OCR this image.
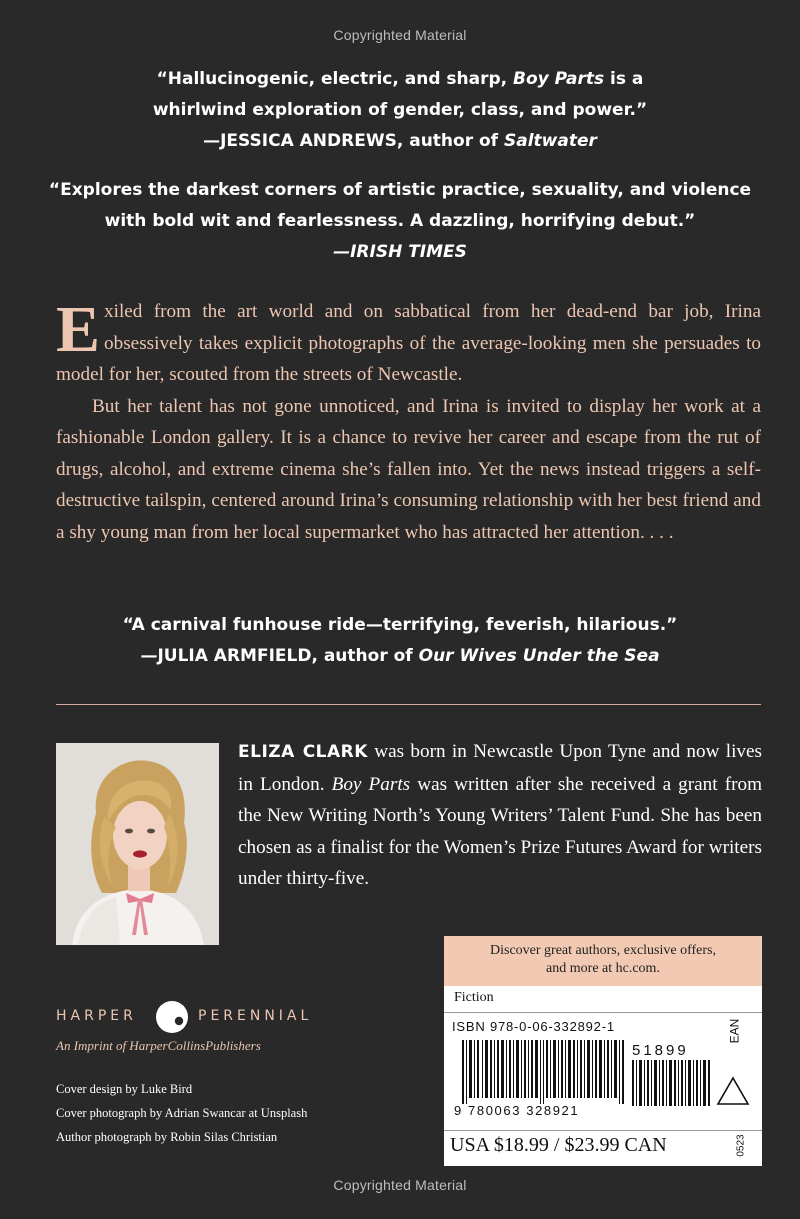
Copyrighted Material
“Hallucinogenic, electric, and sharp, Boy Parts is a
whirlwind exploration of gender, class, and power.”
—JESSICA ANDREWS, author of Saltwater
“Explores the darkest corners of artistic practice, sexuality, and violence
with bold wit and fearlessness. A dazzling, horrifying debut.”
—IRISH TIMES

Exiled from the art world and on sabbatical from her dead-end bar job, Irina obsessively takes explicit photographs of the average-looking men she persuades to model for her, scouted from the streets of Newcastle.

But her talent has not gone unnoticed, and Irina is invited to display her work at a fashionable London gallery. It is a chance to revive her career and escape from the rut of drugs, alcohol, and extreme cinema she’s fallen into. Yet the news instead triggers a self-destructive tailspin, centered around Irina’s consuming relationship with her best friend and a shy young man from her local supermarket who has attracted her attention. . . .

“A carnival funhouse ride—terrifying, feverish, hilarious.”
—JULIA ARMFIELD, author of Our Wives Under the Sea
ELIZA CLARK was born in Newcastle Upon Tyne and now lives in London. Boy Parts was written after she received a grant from the New Writing North’s Young Writers’ Talent Fund. She has been chosen as a finalist for the Women’s Prize Futures Award for writers under thirty-five.
HARPER	PERENNIAL
An Imprint of HarperCollinsPublishers
Cover design by Luke Bird
Cover photograph by Adrian Swancar at Unsplash
Author photograph by Robin Silas Christian
Discover great authors, exclusive offers,
and more at hc.com.
Fiction
ISBN 978-0-06-332892-1
51899
EAN
9 780063 328921
USA $18.99 / $23.99 CAN	0523
Copyrighted Material
